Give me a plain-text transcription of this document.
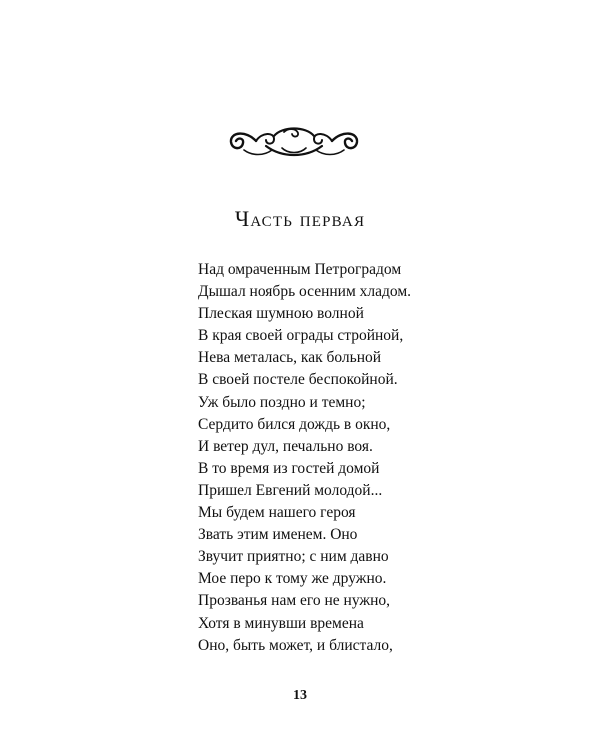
Часть первая
Над омраченным Петроградом
Дышал ноябрь осенним хладом.
Плеская шумною волной
В края своей ограды стройной,
Нева металась, как больной
В своей постеле беспокойной.
Уж было поздно и темно;
Сердито бился дождь в окно,
И ветер дул, печально воя.
В то время из гостей домой
Пришел Евгений молодой...
Мы будем нашего героя
Звать этим именем. Оно
Звучит приятно; с ним давно
Мое перо к тому же дружно.
Прозванья нам его не нужно,
Хотя в минувши времена
Оно, быть может, и блистало,
13
